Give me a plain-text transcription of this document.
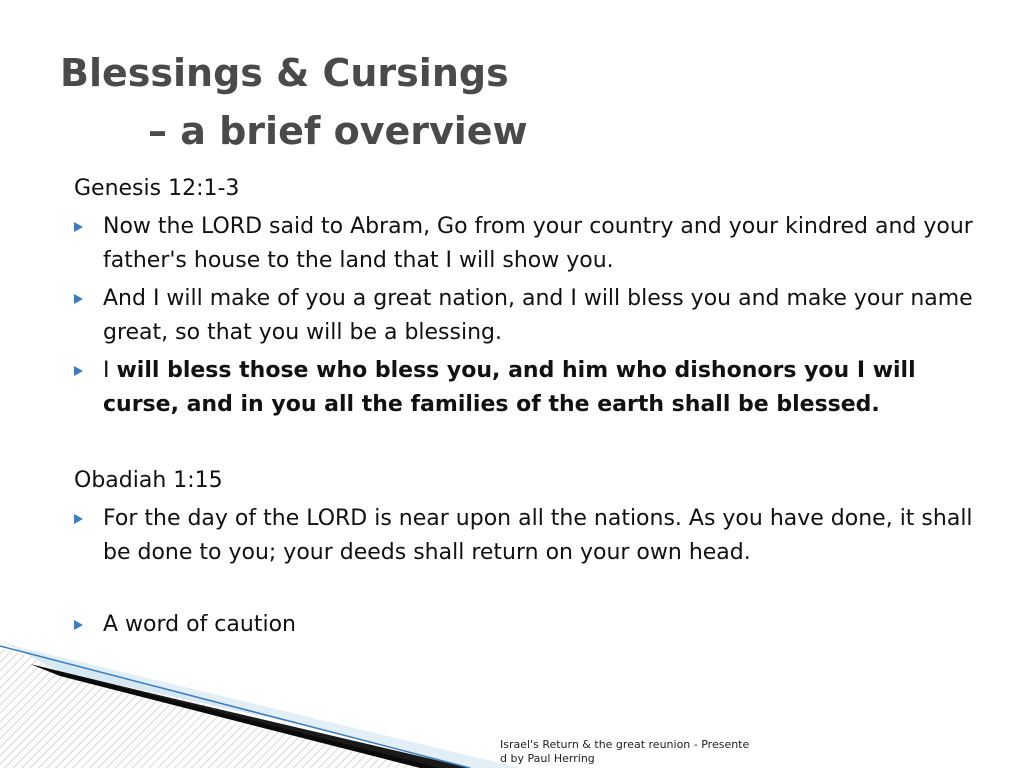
Blessings & Cursings
– a brief overview
Genesis 12:1-3
Now the LORD said to Abram, Go from your country and your kindred and your father's house to the land that I will show you.
And I will make of you a great nation, and I will bless you and make your name great, so that you will be a blessing.
I will bless those who bless you, and him who dishonors you I will curse, and in you all the families of the earth shall be blessed.
Obadiah 1:15
For the day of the LORD is near upon all the nations. As you have done, it shall be done to you; your deeds shall return on your own head.
A word of caution
Israel's Return & the great reunion - Presented by Paul Herring
